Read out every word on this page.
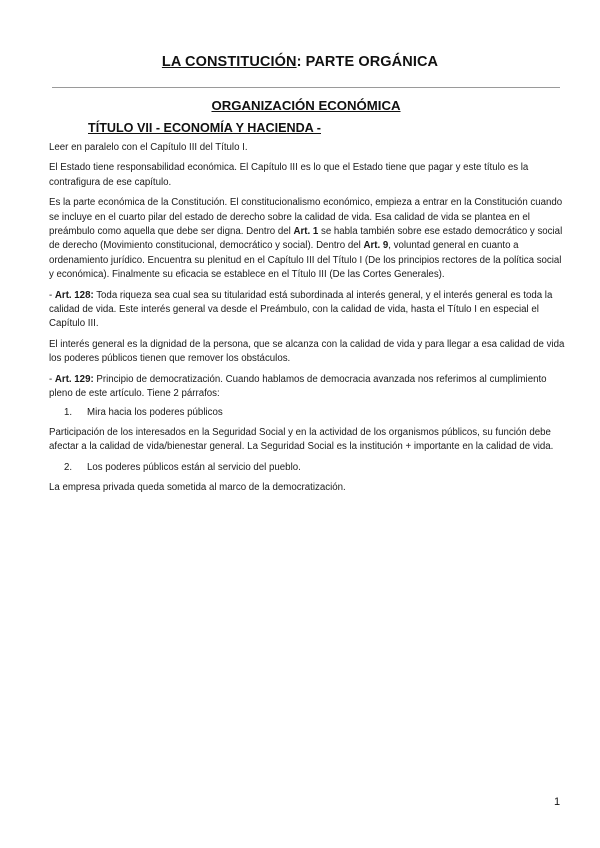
LA CONSTITUCIÓN: PARTE ORGÁNICA
ORGANIZACIÓN ECONÓMICA
TÍTULO VII - ECONOMÍA Y HACIENDA -

Leer en paralelo con el Capítulo III del Título I.

El Estado tiene responsabilidad económica. El Capítulo III es lo que el Estado tiene que pagar y este título es la contrafigura de ese capítulo.

Es la parte económica de la Constitución. El constitucionalismo económico, empieza a entrar en la Constitución cuando se incluye en el cuarto pilar del estado de derecho sobre la calidad de vida. Esa calidad de vida se plantea en el preámbulo como aquella que debe ser digna. Dentro del Art. 1 se habla también sobre ese estado democrático y social de derecho (Movimiento constitucional, democrático y social). Dentro del Art. 9, voluntad general en cuanto a ordenamiento jurídico. Encuentra su plenitud en el Capítulo III del Título I (De los principios rectores de la política social y económica). Finalmente su eficacia se establece en el Título III (De las Cortes Generales).

- Art. 128: Toda riqueza sea cual sea su titularidad está subordinada al interés general, y el interés general es toda la calidad de vida. Este interés general va desde el Preámbulo, con la calidad de vida, hasta el Título I en especial el Capítulo III.

El interés general es la dignidad de la persona, que se alcanza con la calidad de vida y para llegar a esa calidad de vida los poderes públicos tienen que remover los obstáculos.

- Art. 129: Principio de democratización. Cuando hablamos de democracia avanzada nos referimos al cumplimiento pleno de este artículo. Tiene 2 párrafos:

1. Mira hacia los poderes públicos

Participación de los interesados en la Seguridad Social y en la actividad de los organismos públicos, su función debe afectar a la calidad de vida/bienestar general. La Seguridad Social es la institución + importante en la calidad de vida.

2. Los poderes públicos están al servicio del pueblo.

La empresa privada queda sometida al marco de la democratización.

1
